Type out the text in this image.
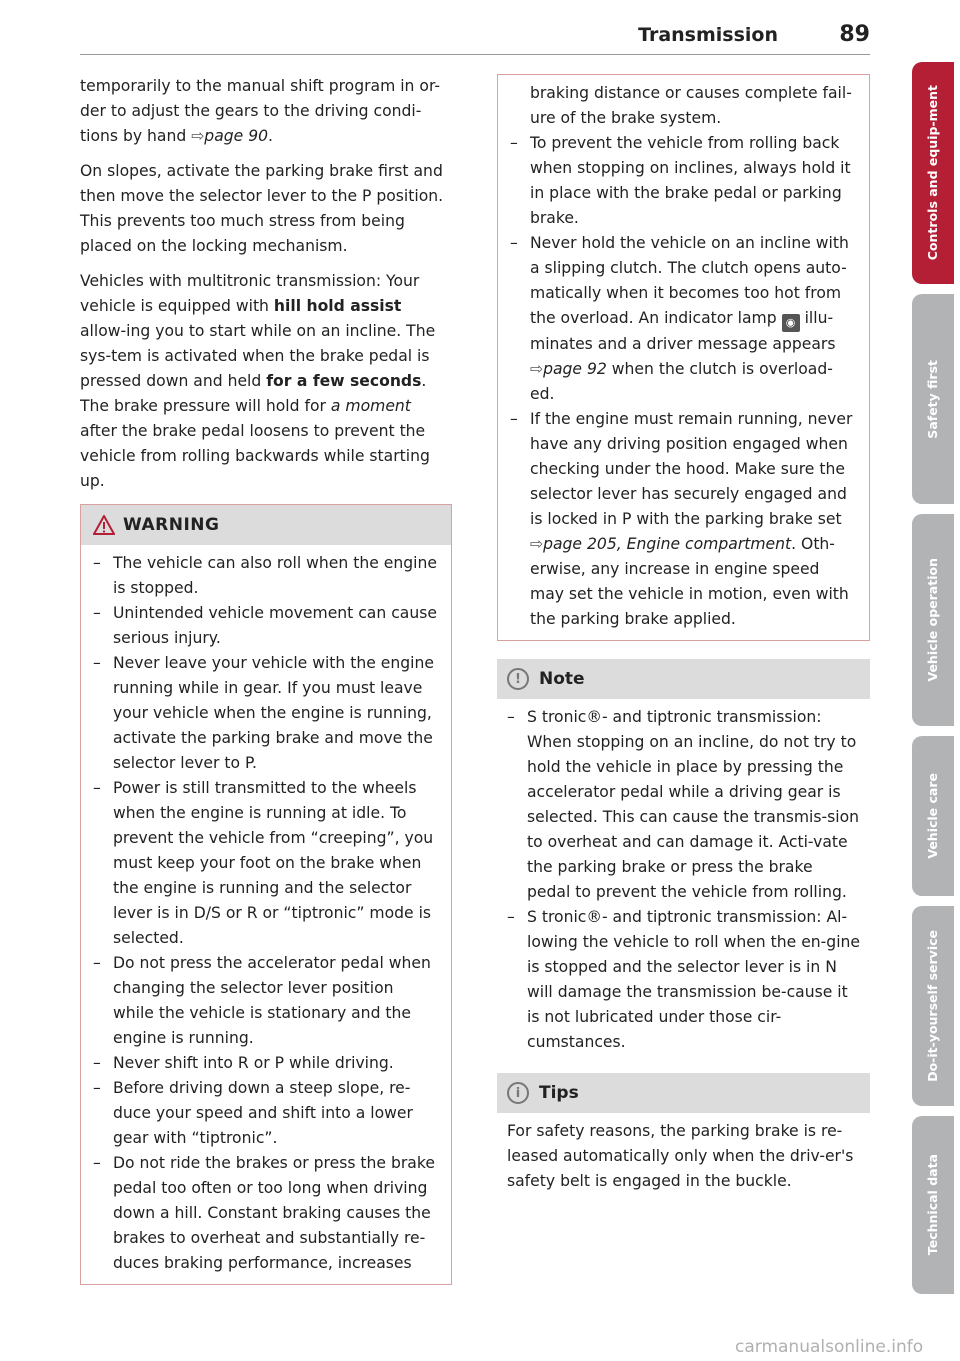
Transmission	89

temporarily to the manual shift program in or-der to adjust the gears to the driving condi-tions by hand ⇨page 90.

On slopes, activate the parking brake first and then move the selector lever to the P position. This prevents too much stress from being placed on the locking mechanism.

Vehicles with multitronic transmission: Your vehicle is equipped with hill hold assist allow-ing you to start while on an incline. The sys-tem is activated when the brake pedal is pressed down and held for a few seconds. The brake pressure will hold for a moment after the brake pedal loosens to prevent the vehicle from rolling backwards while starting up.

WARNING
– The vehicle can also roll when the engine is stopped.
– Unintended vehicle movement can cause serious injury.
– Never leave your vehicle with the engine running while in gear. If you must leave your vehicle when the engine is running, activate the parking brake and move the selector lever to P.
– Power is still transmitted to the wheels when the engine is running at idle. To prevent the vehicle from “creeping”, you must keep your foot on the brake when the engine is running and the selector lever is in D/S or R or “tiptronic” mode is selected.
– Do not press the accelerator pedal when changing the selector lever position while the vehicle is stationary and the engine is running.
– Never shift into R or P while driving.
– Before driving down a steep slope, re-duce your speed and shift into a lower gear with “tiptronic”.
– Do not ride the brakes or press the brake pedal too often or too long when driving down a hill. Constant braking causes the brakes to overheat and substantially re-duces braking performance, increases
braking distance or causes complete fail-ure of the brake system.
– To prevent the vehicle from rolling back when stopping on inclines, always hold it in place with the brake pedal or parking brake.
– Never hold the vehicle on an incline with a slipping clutch. The clutch opens auto-matically when it becomes too hot from the overload. An indicator lamp ◉ illu-minates and a driver message appears ⇨page 92 when the clutch is overload-ed.
– If the engine must remain running, never have any driving position engaged when checking under the hood. Make sure the selector lever has securely engaged and is locked in P with the parking brake set ⇨page 205, Engine compartment. Oth-erwise, any increase in engine speed may set the vehicle in motion, even with the parking brake applied.
!	Note
– S tronic®- and tiptronic transmission: When stopping on an incline, do not try to hold the vehicle in place by pressing the accelerator pedal while a driving gear is selected. This can cause the transmis-sion to overheat and can damage it. Acti-vate the parking brake or press the brake pedal to prevent the vehicle from rolling.
– S tronic®- and tiptronic transmission: Al-lowing the vehicle to roll when the en-gine is stopped and the selector lever is in N will damage the transmission be-cause it is not lubricated under those cir-cumstances.
i	Tips
For safety reasons, the parking brake is re-leased automatically only when the driv-er's safety belt is engaged in the buckle.
Controls and equip-ment
Safety first
Vehicle operation
Vehicle care
Do-it-yourself service
Technical data
carmanualsonline.info
